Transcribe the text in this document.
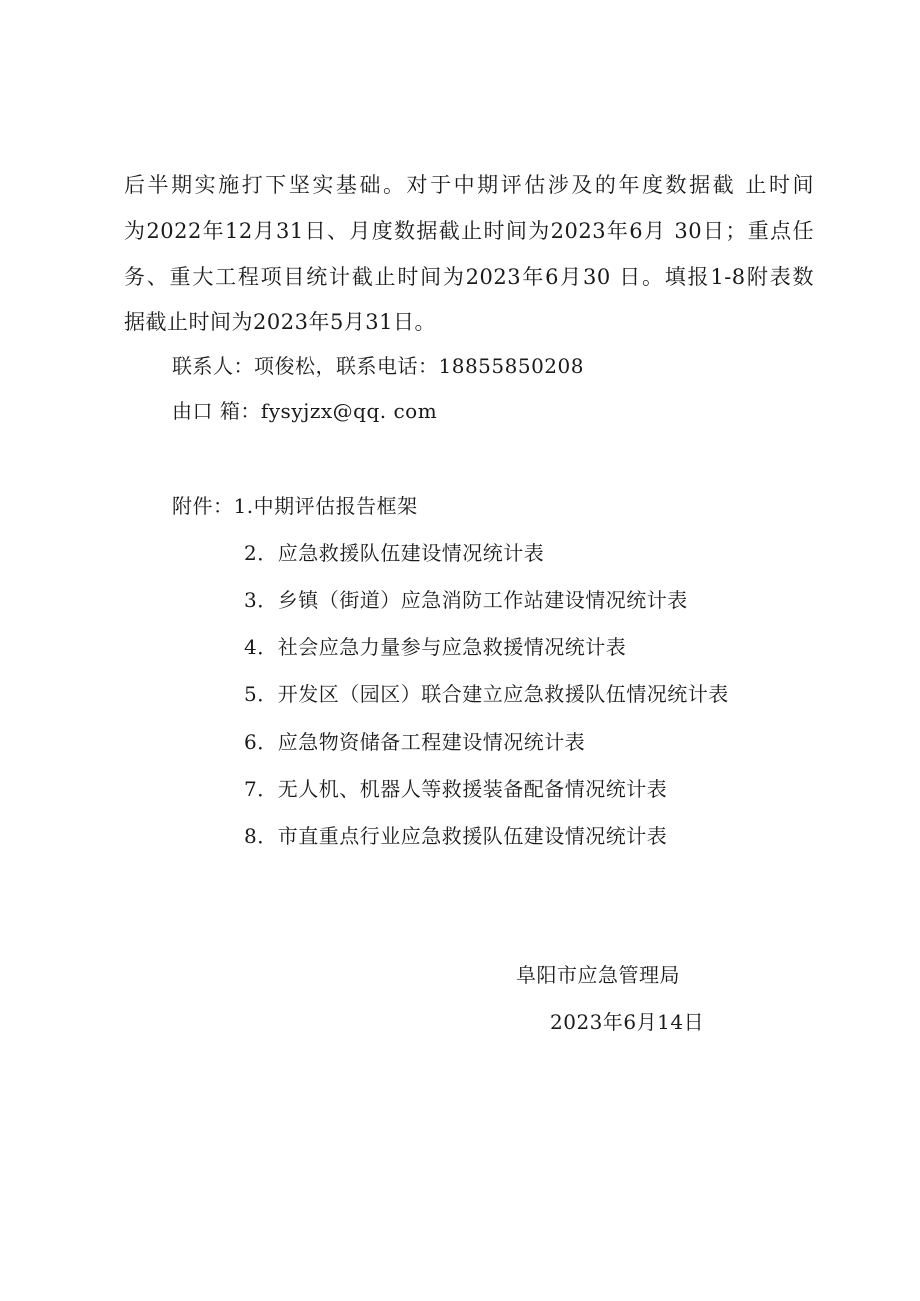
后半期实施打下坚实基础。对于中期评估涉及的年度数据截 止时间
为2022年12月31日、月度数据截止时间为2023年6月 30日；重点任
务、重大工程项目统计截止时间为2023年6月30 日。填报1-8附表数
据截止时间为2023年5月31日。
联系人：项俊松，联系电话：18855850208
由口 箱：fysyjzx@qq. com
附件：1.中期评估报告框架
2．应急救援队伍建设情况统计表
3．乡镇（街道）应急消防工作站建设情况统计表
4．社会应急力量参与应急救援情况统计表
5．开发区（园区）联合建立应急救援队伍情况统计表
6．应急物资储备工程建设情况统计表
7．无人机、机器人等救援装备配备情况统计表
8．市直重点行业应急救援队伍建设情况统计表
阜阳市应急管理局
2023年6月14日
